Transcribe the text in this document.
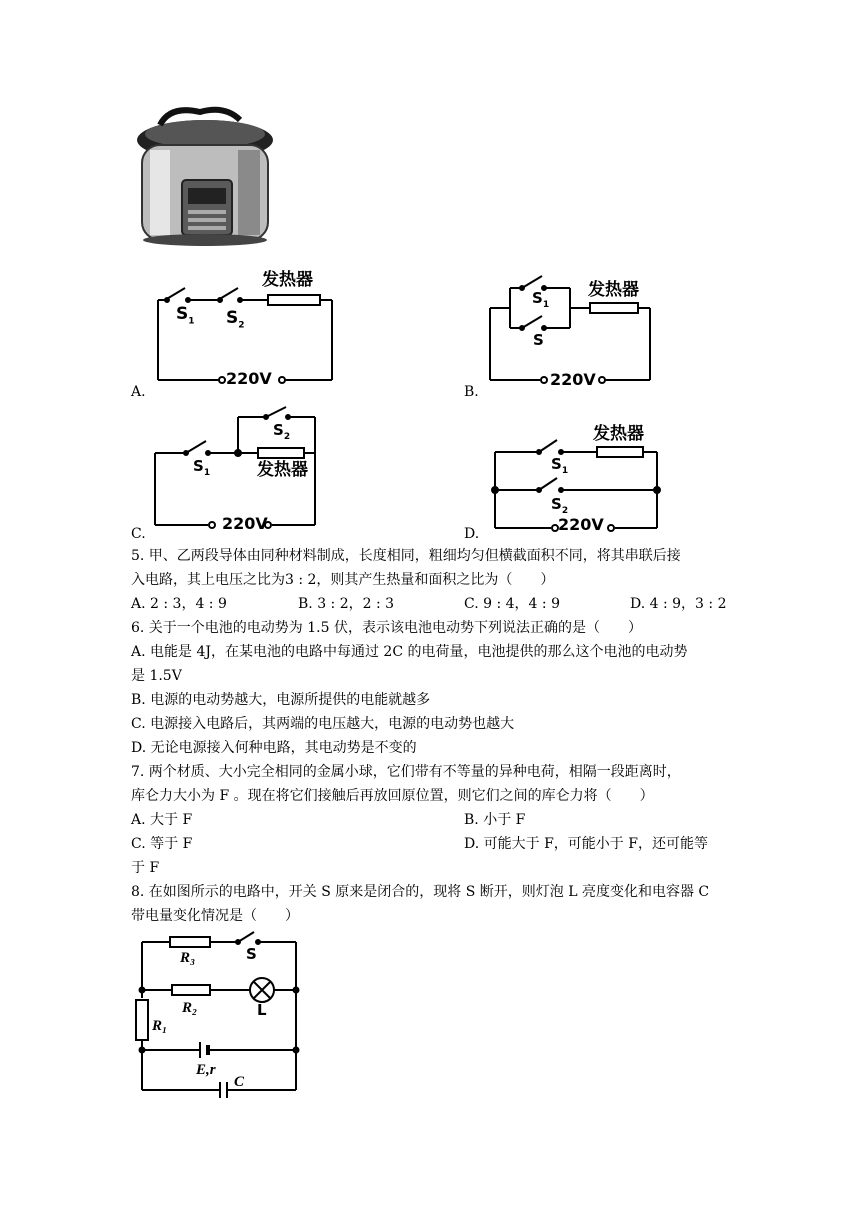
发热器
$S_1$ $S_2$
220V
A.
$S_1$
S
发热器
220V
B.
$S_2$
$S_1$	发热器
220V
C.
发热器
$S_1$
$S_2$
220V
D.
5. 甲、乙两段导体由同种材料制成，长度相同，粗细均匀但横截面积不同，将其串联后接
入电路，其上电压之比为3 : 2，则其产生热量和面积之比为（　　）
A. 2 : 3，4 : 9	B. 3 : 2，2 : 3	C. 9 : 4，4 : 9	D. 4 : 9，3 : 2
6. 关于一个电池的电动势为 1.5 伏，表示该电池电动势下列说法正确的是（　　）
A. 电能是 4J，在某电池的电路中每通过 2C 的电荷量，电池提供的那么这个电池的电动势
是 1.5V
B. 电源的电动势越大，电源所提供的电能就越多
C. 电源接入电路后，其两端的电压越大，电源的电动势也越大
D. 无论电源接入何种电路，其电动势是不变的
7. 两个材质、大小完全相同的金属小球，它们带有不等量的异种电荷，相隔一段距离时，
库仑力大小为 F 。现在将它们接触后再放回原位置，则它们之间的库仑力将（　　）
A. 大于 F	B. 小于 F
C. 等于 F	D. 可能大于 F，可能小于 F，还可能等
于 F
8. 在如图所示的电路中，开关 S 原来是闭合的，现将 S 断开，则灯泡 L 亮度变化和电容器 C
带电量变化情况是（　　）
R₃	S
R₂	L
R₁
E,r
C
